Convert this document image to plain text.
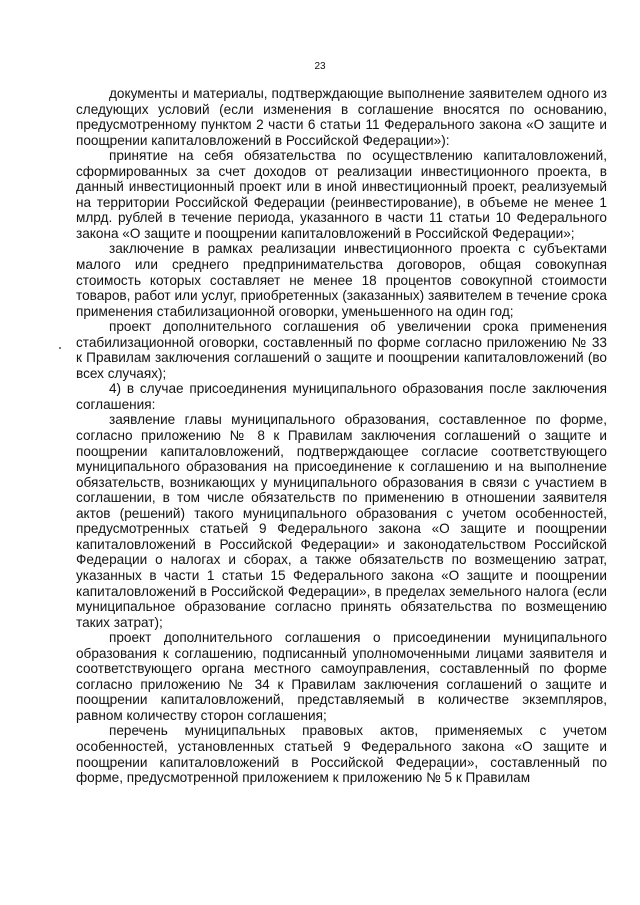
23

документы и материалы, подтверждающие выполнение заявителем одного из следующих условий (если изменения в соглашение вносятся по основанию, предусмотренному пунктом 2 части 6 статьи 11 Федерального закона «О защите и поощрении капиталовложений в Российской Федерации»):

принятие на себя обязательства по осуществлению капиталовложений, сформированных за счет доходов от реализации инвестиционного проекта, в данный инвестиционный проект или в иной инвестиционный проект, реализуемый на территории Российской Федерации (реинвестирование), в объеме не менее 1 млрд. рублей в течение периода, указанного в части 11 статьи 10 Федерального закона «О защите и поощрении капиталовложений в Российской Федерации»;

заключение в рамках реализации инвестиционного проекта с субъектами малого или среднего предпринимательства договоров, общая совокупная стоимость которых составляет не менее 18 процентов совокупной стоимости товаров, работ или услуг, приобретенных (заказанных) заявителем в течение срока применения стабилизационной оговорки, уменьшенного на один год;

проект дополнительного соглашения об увеличении срока применения стабилизационной оговорки, составленный по форме согласно приложению № 33 к Правилам заключения соглашений о защите и поощрении капиталовложений (во всех случаях);

4) в случае присоединения муниципального образования после заключения соглашения:

заявление главы муниципального образования, составленное по форме, согласно приложению № 8 к Правилам заключения соглашений о защите и поощрении капиталовложений, подтверждающее согласие соответствующего муниципального образования на присоединение к соглашению и на выполнение обязательств, возникающих у муниципального образования в связи с участием в соглашении, в том числе обязательств по применению в отношении заявителя актов (решений) такого муниципального образования с учетом особенностей, предусмотренных статьей 9 Федерального закона «О защите и поощрении капиталовложений в Российской Федерации» и законодательством Российской Федерации о налогах и сборах, а также обязательств по возмещению затрат, указанных в части 1 статьи 15 Федерального закона «О защите и поощрении капиталовложений в Российской Федерации», в пределах земельного налога (если муниципальное образование согласно принять обязательства по возмещению таких затрат);

проект дополнительного соглашения о присоединении муниципального образования к соглашению, подписанный уполномоченными лицами заявителя и соответствующего органа местного самоуправления, составленный по форме согласно приложению № 34 к Правилам заключения соглашений о защите и поощрении капиталовложений, представляемый в количестве экземпляров, равном количеству сторон соглашения;

перечень муниципальных правовых актов, применяемых с учетом особенностей, установленных статьей 9 Федерального закона «О защите и поощрении капиталовложений в Российской Федерации», составленный по форме, предусмотренной приложением к приложению № 5 к Правилам
